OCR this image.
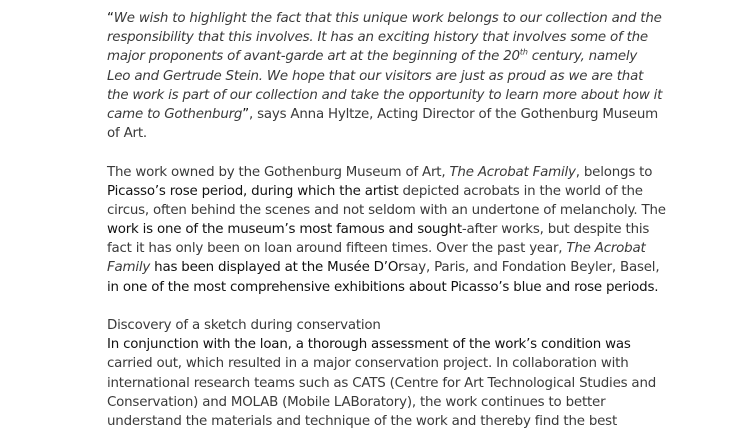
“We wish to highlight the fact that this unique work belongs to our collection and the
responsibility that this involves. It has an exciting history that involves some of the
major proponents of avant-garde art at the beginning of the 20th century, namely
Leo and Gertrude Stein. We hope that our visitors are just as proud as we are that
the work is part of our collection and take the opportunity to learn more about how it
came to Gothenburg”, says Anna Hyltze, Acting Director of the Gothenburg Museum
of Art.
The work owned by the Gothenburg Museum of Art, The Acrobat Family, belongs to
Picasso’s rose period, during which the artist depicted acrobats in the world of the
circus, often behind the scenes and not seldom with an undertone of melancholy. The
work is one of the museum’s most famous and sought-after works, but despite this
fact it has only been on loan around fifteen times. Over the past year, The Acrobat
Family has been displayed at the Musée D’Orsay, Paris, and Fondation Beyler, Basel,
in one of the most comprehensive exhibitions about Picasso’s blue and rose periods.
Discovery of a sketch during conservation
In conjunction with the loan, a thorough assessment of the work’s condition was
carried out, which resulted in a major conservation project. In collaboration with
international research teams such as CATS (Centre for Art Technological Studies and
Conservation) and MOLAB (Mobile LABoratory), the work continues to better
understand the materials and technique of the work and thereby find the best
